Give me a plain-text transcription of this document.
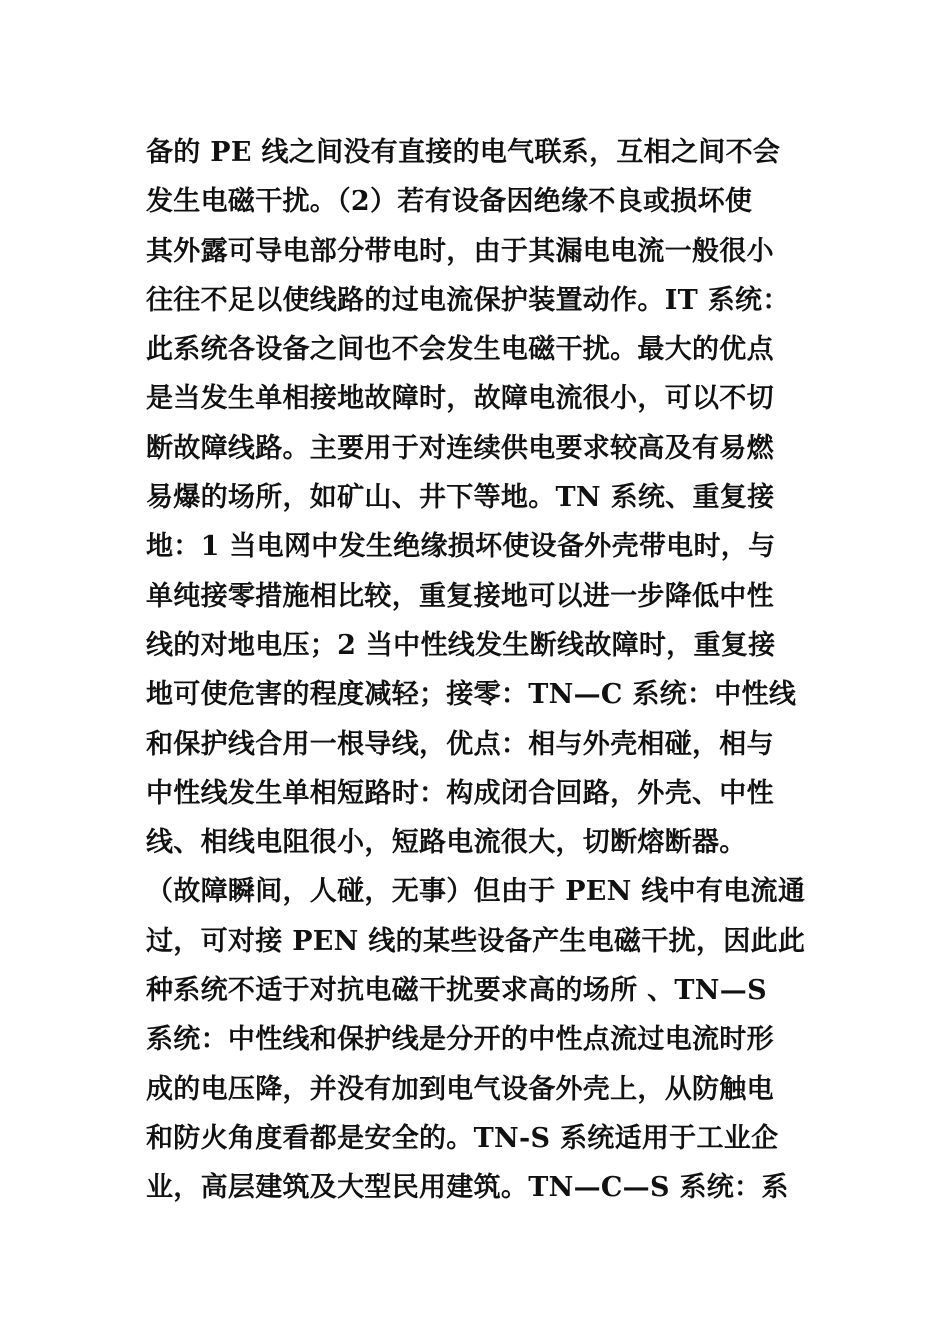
备的 PE 线之间没有直接的电气联系，互相之间不会
发生电磁干扰。（2）若有设备因绝缘不良或损坏使
其外露可导电部分带电时，由于其漏电电流一般很小
往往不足以使线路的过电流保护装置动作。IT 系统：
此系统各设备之间也不会发生电磁干扰。最大的优点
是当发生单相接地故障时，故障电流很小，可以不切
断故障线路。主要用于对连续供电要求较高及有易燃
易爆的场所，如矿山、井下等地。TN 系统、重复接
地：1 当电网中发生绝缘损坏使设备外壳带电时，与
单纯接零措施相比较，重复接地可以进一步降低中性
线的对地电压；2 当中性线发生断线故障时，重复接
地可使危害的程度减轻；接零：TN—C 系统：中性线
和保护线合用一根导线，优点：相与外壳相碰，相与
中性线发生单相短路时：构成闭合回路，外壳、中性
线、相线电阻很小，短路电流很大，切断熔断器。
（故障瞬间，人碰，无事）但由于 PEN 线中有电流通
过，可对接 PEN 线的某些设备产生电磁干扰，因此此
种系统不适于对抗电磁干扰要求高的场所 、TN—S
系统：中性线和保护线是分开的中性点流过电流时形
成的电压降，并没有加到电气设备外壳上，从防触电
和防火角度看都是安全的。TN-S 系统适用于工业企
业，高层建筑及大型民用建筑。TN—C—S 系统：系
